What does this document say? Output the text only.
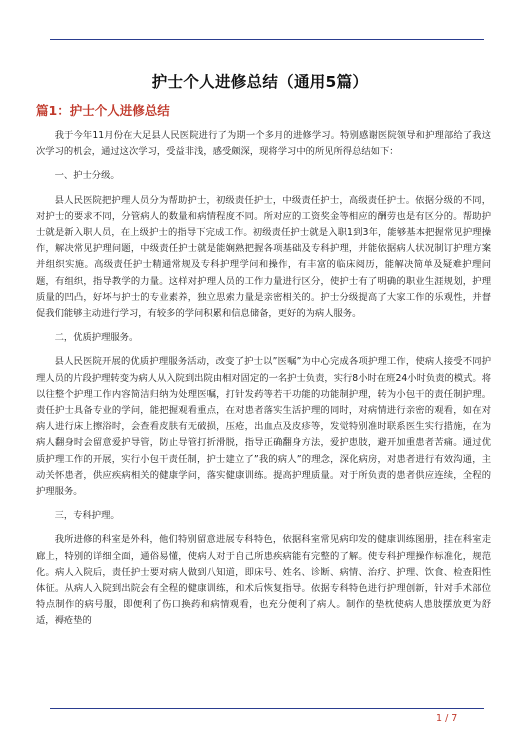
护士个人进修总结（通用5篇）
篇1：护士个人进修总结

我于今年11月份在大足县人民医院进行了为期一个多月的进修学习。特别感谢医院领导和护理部给了我这次学习的机会，通过这次学习，受益非浅，感受颇深，现将学习中的所见所得总结如下：

一、护士分级。

县人民医院把护理人员分为帮助护士，初级责任护士，中级责任护士，高级责任护士。依据分级的不同，对护士的要求不同，分管病人的数量和病情程度不同。所对应的工资奖金等相应的酬劳也是有区分的。帮助护士就是新入职人员，在上级护士的指导下完成工作。初级责任护士就是入职1到3年，能够基本把握常见护理操作，解决常见护理问题，中级责任护士就是能娴熟把握各项基础及专科护理，并能依据病人状况制订护理方案并组织实施。高级责任护士精通常规及专科护理学问和操作，有丰富的临床阅历，能解决简单及疑难护理问题，有组织，指导教学的力量。这样对护理人员的工作力量进行区分，使护士有了明确的职业生涯规划，护理质量的凹凸，好坏与护士的专业素养，独立思索力量是亲密相关的。护士分级提高了大家工作的乐观性，并督促我们能够主动进行学习，有较多的学问积累和信息储备，更好的为病人服务。

二，优质护理服务。

县人民医院开展的优质护理服务活动，改变了护士以”医嘱”为中心完成各项护理工作，使病人接受不同护理人员的片段护理转变为病人从入院到出院由相对固定的一名护士负责，实行8小时在班24小时负责的模式。将以往整个护理工作内容简洁归纳为处理医嘱，打针发药等若干功能的功能制护理，转为小包干的责任制护理。责任护士具备专业的学问，能把握观看重点，在对患者落实生活护理的同时，对病情进行亲密的观看，如在对病人进行床上擦浴时，会查看皮肤有无破损，压疮，出血点及皮疹等，发觉特别准时联系医生实行措施，在为病人翻身时会留意爱护导管，防止导管打折滑脱，指导正确翻身方法，爱护患肢，避开加重患者苦痛。通过优质护理工作的开展，实行小包干责任制，护士建立了”我的病人”的理念，深化病房，对患者进行有效沟通，主动关怀患者，供应疾病相关的健康学问，落实健康训练。提高护理质量。对于所负责的患者供应连续，全程的护理服务。

三，专科护理。

我所进修的科室是外科，他们特别留意进展专科特色，依据科室常见病印发的健康训练图册，挂在科室走廊上，特别的详细全面，通俗易懂，使病人对于自己所患疾病能有完整的了解。使专科护理操作标准化，规范化。病人入院后，责任护士要对病人做到八知道，即床号、姓名、诊断、病情、治疗、护理、饮食、检查阳性体征。从病人入院到出院会有全程的健康训练，和术后恢复指导。依据专科特色进行护理创新，针对手术部位特点制作的病号服，即便利了伤口换药和病情观看，也充分便利了病人。制作的垫枕使病人患肢摆放更为舒适，褥疮垫的

1 / 7
